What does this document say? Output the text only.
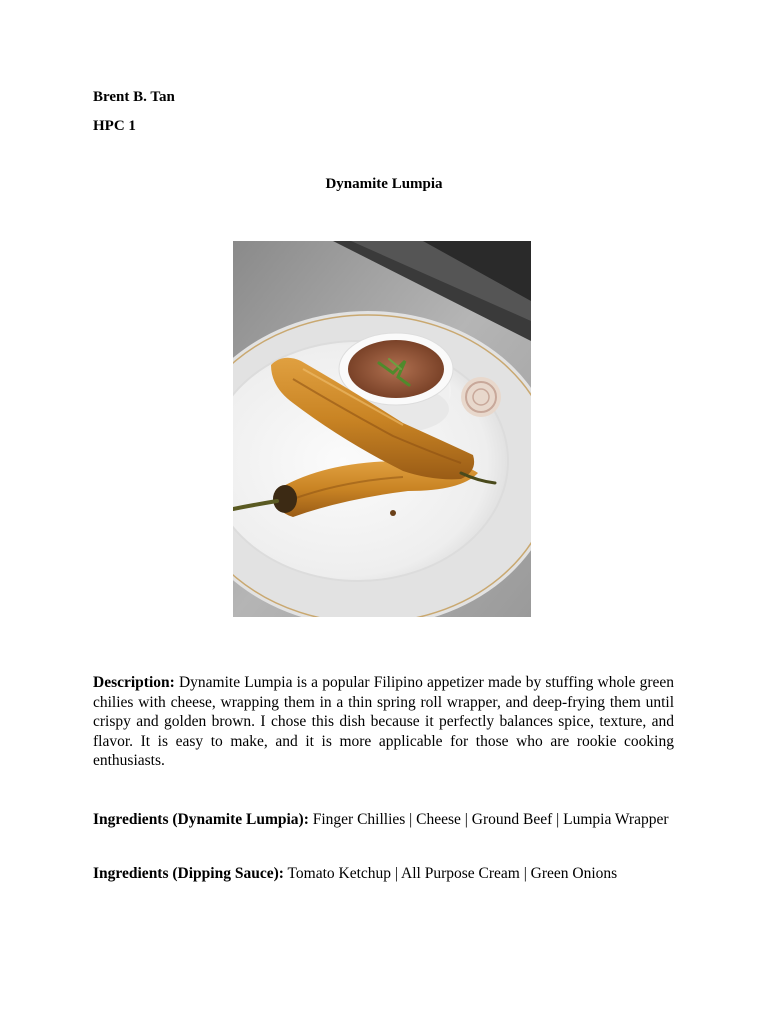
Brent B. Tan
HPC 1
Dynamite Lumpia
Description: Dynamite Lumpia is a popular Filipino appetizer made by stuffing whole green chilies with cheese, wrapping them in a thin spring roll wrapper, and deep-frying them until crispy and golden brown. I chose this dish because it perfectly balances spice, texture, and flavor. It is easy to make, and it is more applicable for those who are rookie cooking enthusiasts.
Ingredients (Dynamite Lumpia): Finger Chillies | Cheese | Ground Beef | Lumpia Wrapper
Ingredients (Dipping Sauce): Tomato Ketchup | All Purpose Cream | Green Onions
